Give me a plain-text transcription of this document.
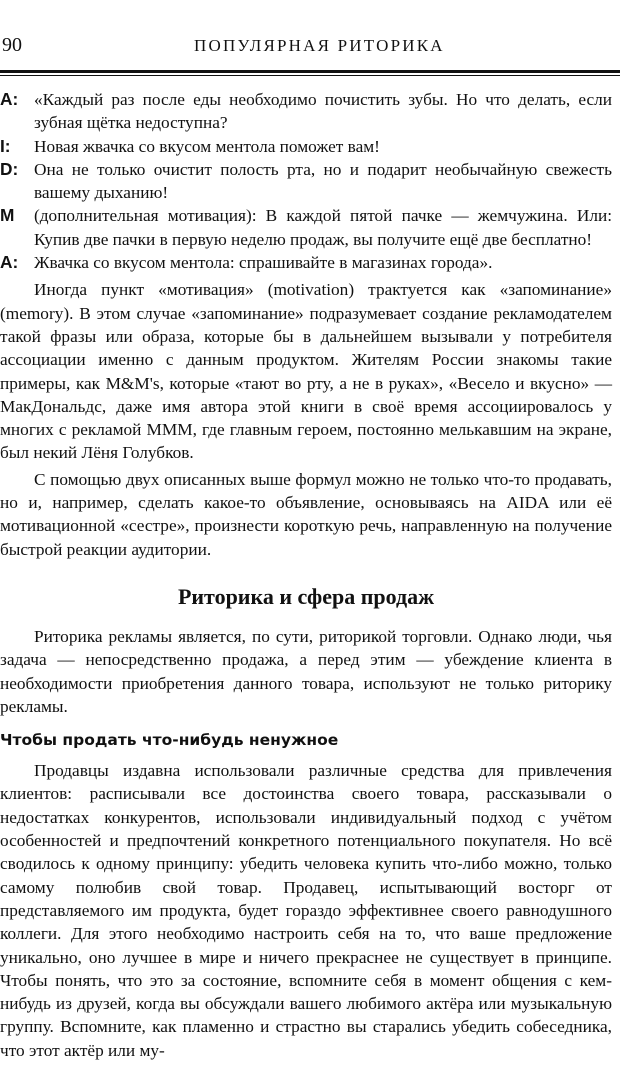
90	ПОПУЛЯРНАЯ РИТОРИКА
A: «Каждый раз после еды необходимо почистить зубы. Но что делать, если зубная щётка недоступна?
I:	Новая жвачка со вкусом ментола поможет вам!
D: Она не только очистит полость рта, но и подарит необычайную свежесть вашему дыханию!
M	(дополнительная мотивация): В каждой пятой пачке — жемчужина. Или: Купив две пачки в первую неделю продаж, вы получите ещё две бесплатно!
A: Жвачка со вкусом ментола: спрашивайте в магазинах города».

Иногда пункт «мотивация» (motivation) трактуется как «запоминание» (memory). В этом случае «запоминание» подразумевает создание рекламодателем такой фразы или образа, которые бы в дальнейшем вызывали у потребителя ассоциации именно с данным продуктом. Жителям России знакомы такие примеры, как M&M's, которые «тают во рту, а не в руках», «Весело и вкусно» — МакДональдс, даже имя автора этой книги в своё время ассоциировалось у многих с рекламой МММ, где главным героем, постоянно мелькавшим на экране, был некий Лёня Голубков.

С помощью двух описанных выше формул можно не только что-то продавать, но и, например, сделать какое-то объявление, основываясь на AIDA или её мотивационной «сестре», произнести короткую речь, направленную на получение быстрой реакции аудитории.

Риторика и сфера продаж

Риторика рекламы является, по сути, риторикой торговли. Однако люди, чья задача — непосредственно продажа, а перед этим — убеждение клиента в необходимости приобретения данного товара, используют не только риторику рекламы.

Чтобы продать что-нибудь ненужное

Продавцы издавна использовали различные средства для привлечения клиентов: расписывали все достоинства своего товара, рассказывали о недостатках конкурентов, использовали индивидуальный подход с учётом особенностей и предпочтений конкретного потенциального покупателя. Но всё сводилось к одному принципу: убедить человека купить что-либо можно, только самому полюбив свой товар. Продавец, испытывающий восторг от представляемого им продукта, будет гораздо эффективнее своего равнодушного коллеги. Для этого необходимо настроить себя на то, что ваше предложение уникально, оно лучшее в мире и ничего прекраснее не существует в принципе. Чтобы понять, что это за состояние, вспомните себя в момент общения с кем-нибудь из друзей, когда вы обсуждали вашего любимого актёра или музыкальную группу. Вспомните, как пламенно и страстно вы старались убедить собеседника, что этот актёр или му-
